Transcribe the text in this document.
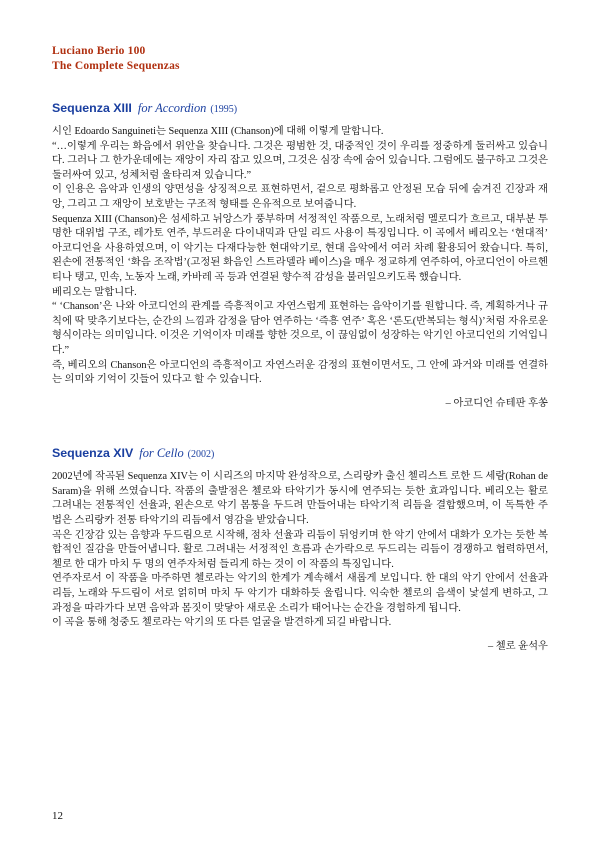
Luciano Berio 100
The Complete Sequenzas
Sequenza XIII for Accordion (1995)

시인 Edoardo Sanguineti는 Sequenza XIII (Chanson)에 대해 이렇게 말합니다.

“…이렇게 우리는 화음에서 위안을 찾습니다. 그것은 평범한 것, 대중적인 것이 우리를 정중하게 둘러싸고 있습니다. 그러나 그 한가운데에는 재앙이 자리 잡고 있으며, 그것은 심장 속에 숨어 있습니다. 그럼에도 불구하고 그것은 둘러싸여 있고, 성체처럼 울타리져 있습니다.”

이 인용은 음악과 인생의 양면성을 상징적으로 표현하면서, 겉으로 평화롭고 안정된 모습 뒤에 숨겨진 긴장과 재앙, 그리고 그 재앙이 보호받는 구조적 형태를 은유적으로 보여줍니다.

Sequenza XIII (Chanson)은 섬세하고 뉘앙스가 풍부하며 서정적인 작품으로, 노래처럼 멜로디가 흐르고, 대부분 투명한 대위법 구조, 레가토 연주, 부드러운 다이내믹과 단일 리드 사용이 특징입니다. 이 곡에서 베리오는 ‘현대적’ 아코디언을 사용하였으며, 이 악기는 다재다능한 현대악기로, 현대 음악에서 여러 차례 활용되어 왔습니다. 특히, 왼손에 전통적인 ‘화음 조작법’(고정된 화음인 스트라델라 베이스)을 매우 정교하게 연주하여, 아코디언이 아르헨티나 탱고, 민속, 노동자 노래, 카바레 곡 등과 연결된 향수적 감성을 불러일으키도록 했습니다.

베리오는 말합니다.

“ ‘Chanson’은 나와 아코디언의 관계를 즉흥적이고 자연스럽게 표현하는 음악이기를 원합니다. 즉, 계획하거나 규칙에 딱 맞추기보다는, 순간의 느낌과 감정을 담아 연주하는 ‘즉흥 연주’ 혹은 ‘론도(반복되는 형식)’처럼 자유로운 형식이라는 의미입니다. 이것은 기억이자 미래를 향한 것으로, 이 끊임없이 성장하는 악기인 아코디언의 기억입니다.”

즉, 베리오의 Chanson은 아코디언의 즉흥적이고 자연스러운 감정의 표현이면서도, 그 안에 과거와 미래를 연결하는 의미와 기억이 깃들어 있다고 할 수 있습니다.

– 아코디언 슈테판 후쏭
Sequenza XIV for Cello (2002)

2002년에 작곡된 Sequenza XIV는 이 시리즈의 마지막 완성작으로, 스리랑카 출신 첼리스트 로한 드 세람(Rohan de Saram)을 위해 쓰였습니다. 작품의 출발점은 첼로와 타악기가 동시에 연주되는 듯한 효과입니다. 베리오는 활로 그려내는 전통적인 선율과, 왼손으로 악기 몸통을 두드려 만들어내는 타악기적 리듬을 결합했으며, 이 독특한 주법은 스리랑카 전통 타악기의 리듬에서 영감을 받았습니다.

곡은 긴장감 있는 음향과 두드림으로 시작해, 점차 선율과 리듬이 뒤엉키며 한 악기 안에서 대화가 오가는 듯한 복합적인 질감을 만들어냅니다. 활로 그려내는 서정적인 흐름과 손가락으로 두드리는 리듬이 경쟁하고 협력하면서, 첼로 한 대가 마치 두 명의 연주자처럼 들리게 하는 것이 이 작품의 특징입니다.

연주자로서 이 작품을 마주하면 첼로라는 악기의 한계가 계속해서 새롭게 보입니다. 한 대의 악기 안에서 선율과 리듬, 노래와 두드림이 서로 얽히며 마치 두 악기가 대화하듯 울립니다. 익숙한 첼로의 음색이 낯설게 변하고, 그 과정을 따라가다 보면 음악과 몸짓이 맞닿아 새로운 소리가 태어나는 순간을 경험하게 됩니다.

이 곡을 통해 청중도 첼로라는 악기의 또 다른 얼굴을 발견하게 되길 바랍니다.

– 첼로 윤석우
12
